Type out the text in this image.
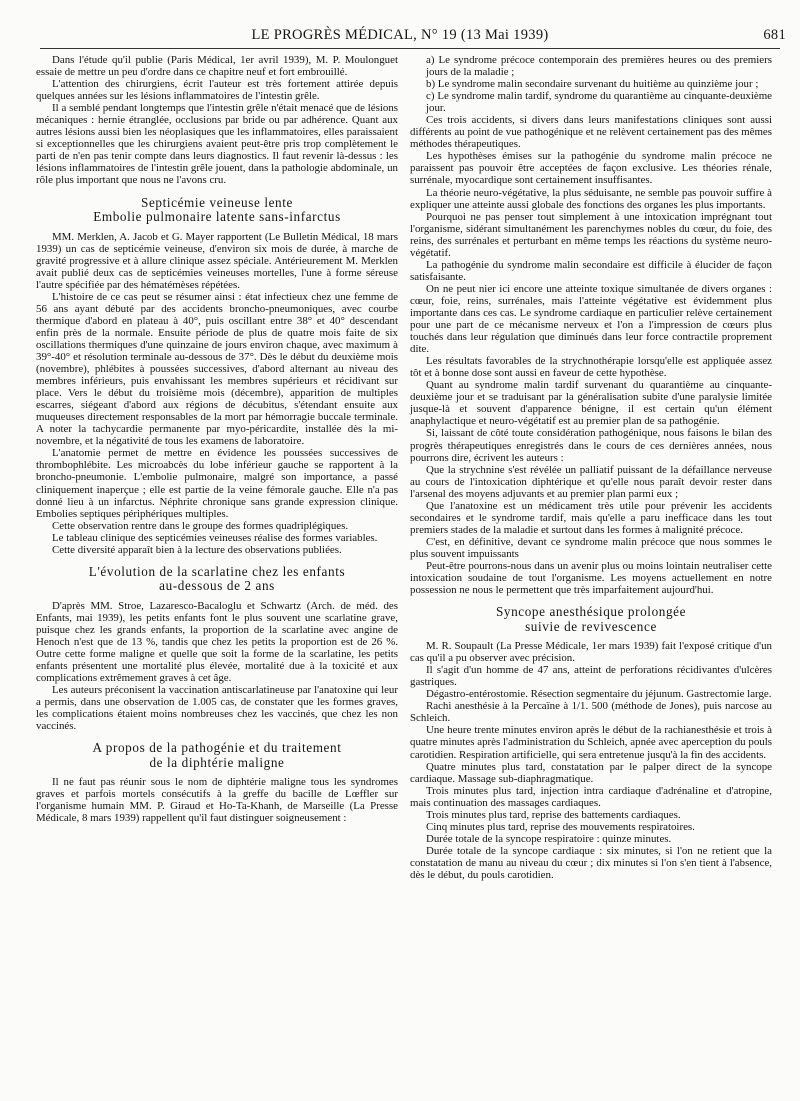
LE PROGRÈS MÉDICAL, N° 19 (13 Mai 1939)	681

Dans l'étude qu'il publie (Paris Médical, 1er avril 1939), M. P. Moulonguet essaie de mettre un peu d'ordre dans ce chapitre neuf et fort embrouillé.

L'attention des chirurgiens, écrit l'auteur est très fortement attirée depuis quelques années sur les lésions inflammatoires de l'intestin grêle.

Il a semblé pendant longtemps que l'intestin grêle n'était menacé que de lésions mécaniques : hernie étranglée, occlusions par bride ou par adhérence. Quant aux autres lésions aussi bien les néoplasiques que les inflammatoires, elles paraissaient si exceptionnelles que les chirurgiens avaient peut-être pris trop complètement le parti de n'en pas tenir compte dans leurs diagnostics. Il faut revenir là-dessus : les lésions inflammatoires de l'intestin grêle jouent, dans la pathologie abdominale, un rôle plus important que nous ne l'avons cru.

Septicémie veineuse lente
Embolie pulmonaire latente sans-infarctus

MM. Merklen, A. Jacob et G. Mayer rapportent (Le Bulletin Médical, 18 mars 1939) un cas de septicémie veineuse, d'environ six mois de durée, à marche de gravité progressive et à allure clinique assez spéciale. Antérieurement M. Merklen avait publié deux cas de septicémies veineuses mortelles, l'une à forme séreuse l'autre spécifiée par des hématémèses répétées.

L'histoire de ce cas peut se résumer ainsi : état infectieux chez une femme de 56 ans ayant débuté par des accidents broncho-pneumoniques, avec courbe thermique d'abord en plateau à 40°, puis oscillant entre 38° et 40° descendant enfin près de la normale. Ensuite période de plus de quatre mois faite de six oscillations thermiques d'une quinzaine de jours environ chaque, avec maximum à 39°-40° et résolution terminale au-dessous de 37°. Dès le début du deuxième mois (novembre), phlébites à poussées successives, d'abord alternant au niveau des membres inférieurs, puis envahissant les membres supérieurs et récidivant sur place. Vers le début du troisième mois (décembre), apparition de multiples escarres, siégeant d'abord aux régions de décubitus, s'étendant ensuite aux muqueuses directement responsables de la mort par hémorragie buccale terminale. A noter la tachycardie permanente par myo-péricardite, installée dès la mi-novembre, et la négativité de tous les examens de laboratoire.

L'anatomie permet de mettre en évidence les poussées successives de thrombophlébite. Les microabcès du lobe inférieur gauche se rapportent à la broncho-pneumonie. L'embolie pulmonaire, malgré son importance, a passé cliniquement inaperçue ; elle est partie de la veine fémorale gauche. Elle n'a pas donné lieu à un infarctus. Néphrite chronique sans grande expression clinique. Embolies septiques périphériques multiples.

Cette observation rentre dans le groupe des formes quadriplégiques.

Le tableau clinique des septicémies veineuses réalise des formes variables.

Cette diversité apparaît bien à la lecture des observations publiées.

L'évolution de la scarlatine chez les enfants
au-dessous de 2 ans

D'après MM. Stroe, Lazaresco-Bacaloglu et Schwartz (Arch. de méd. des Enfants, mai 1939), les petits enfants font le plus souvent une scarlatine grave, puisque chez les grands enfants, la proportion de la scarlatine avec angine de Henoch n'est que de 13 %, tandis que chez les petits la proportion est de 26 %. Outre cette forme maligne et quelle que soit la forme de la scarlatine, les petits enfants présentent une mortalité plus élevée, mortalité due à la toxicité et aux complications extrêmement graves à cet âge.

Les auteurs préconisent la vaccination antiscarlatineuse par l'anatoxine qui leur a permis, dans une observation de 1.005 cas, de constater que les formes graves, les complications étaient moins nombreuses chez les vaccinés, que chez les non vaccinés.

A propos de la pathogénie et du traitement
de la diphtérie maligne

Il ne faut pas réunir sous le nom de diphtérie maligne tous les syndromes graves et parfois mortels consécutifs à la greffe du bacille de Lœffler sur l'organisme humain MM. P. Giraud et Ho-Ta-Khanh, de Marseille (La Presse Médicale, 8 mars 1939) rappellent qu'il faut distinguer soigneusement :

a) Le syndrome précoce contemporain des premières heures ou des premiers jours de la maladie ;

b) Le syndrome malin secondaire survenant du huitième au quinzième jour ;

c) Le syndrome malin tardif, syndrome du quarantième au cinquante-deuxième jour.

Ces trois accidents, si divers dans leurs manifestations cliniques sont aussi différents au point de vue pathogénique et ne relèvent certainement pas des mêmes méthodes thérapeutiques.

Les hypothèses émises sur la pathogénie du syndrome malin précoce ne paraissent pas pouvoir être acceptées de façon exclusive. Les théories rénale, surrénale, myocardique sont certainement insuffisantes.

La théorie neuro-végétative, la plus séduisante, ne semble pas pouvoir suffire à expliquer une atteinte aussi globale des fonctions des organes les plus importants.

Pourquoi ne pas penser tout simplement à une intoxication imprégnant tout l'organisme, sidérant simultanément les parenchymes nobles du cœur, du foie, des reins, des surrénales et perturbant en même temps les réactions du système neuro-végétatif.

La pathogénie du syndrome malin secondaire est difficile à élucider de façon satisfaisante.

On ne peut nier ici encore une atteinte toxique simultanée de divers organes : cœur, foie, reins, surrénales, mais l'atteinte végétative est évidemment plus importante dans ces cas. Le syndrome cardiaque en particulier relève certainement pour une part de ce mécanisme nerveux et l'on a l'impression de cœurs plus touchés dans leur régulation que diminués dans leur force contractile proprement dite.

Les résultats favorables de la strychnothérapie lorsqu'elle est appliquée assez tôt et à bonne dose sont aussi en faveur de cette hypothèse.

Quant au syndrome malin tardif survenant du quarantième au cinquante-deuxième jour et se traduisant par la généralisation subite d'une paralysie limitée jusque-là et souvent d'apparence bénigne, il est certain qu'un élément anaphylactique et neuro-végétatif est au premier plan de sa pathogénie.

Si, laissant de côté toute considération pathogénique, nous faisons le bilan des progrès thérapeutiques enregistrés dans le cours de ces dernières années, nous pourrons dire, écrivent les auteurs :

Que la strychnine s'est révélée un palliatif puissant de la défaillance nerveuse au cours de l'intoxication diphtérique et qu'elle nous paraît devoir rester dans l'arsenal des moyens adjuvants et au premier plan parmi eux ;

Que l'anatoxine est un médicament très utile pour prévenir les accidents secondaires et le syndrome tardif, mais qu'elle a paru inefficace dans les tout premiers stades de la maladie et surtout dans les formes à malignité précoce.

C'est, en définitive, devant ce syndrome malin précoce que nous sommes le plus souvent impuissants

Peut-être pourrons-nous dans un avenir plus ou moins lointain neutraliser cette intoxication soudaine de tout l'organisme. Les moyens actuellement en notre possession ne nous le permettent que très imparfaitement aujourd'hui.

Syncope anesthésique prolongée
suivie de revivescence

M. R. Soupault (La Presse Médicale, 1er mars 1939) fait l'exposé critique d'un cas qu'il a pu observer avec précision.

Il s'agit d'un homme de 47 ans, atteint de perforations récidivantes d'ulcères gastriques.

Dégastro-entérostomie. Résection segmentaire du jéjunum. Gastrectomie large.

Rachi anesthésie à la Percaïne à 1/1. 500 (méthode de Jones), puis narcose au Schleich.

Une heure trente minutes environ après le début de la rachianesthésie et trois à quatre minutes après l'administration du Schleich, apnée avec aperception du pouls carotidien. Respiration artificielle, qui sera entretenue jusqu'à la fin des accidents.

Quatre minutes plus tard, constatation par le palper direct de la syncope cardiaque. Massage sub-diaphragmatique.

Trois minutes plus tard, injection intra cardiaque d'adrénaline et d'atropine, mais continuation des massages cardiaques.

Trois minutes plus tard, reprise des battements cardiaques.

Cinq minutes plus tard, reprise des mouvements respiratoires.

Durée totale de la syncope respiratoire : quinze minutes.

Durée totale de la syncope cardiaque : six minutes, si l'on ne retient que la constatation de manu au niveau du cœur ; dix minutes si l'on s'en tient à l'absence, dès le début, du pouls carotidien.
